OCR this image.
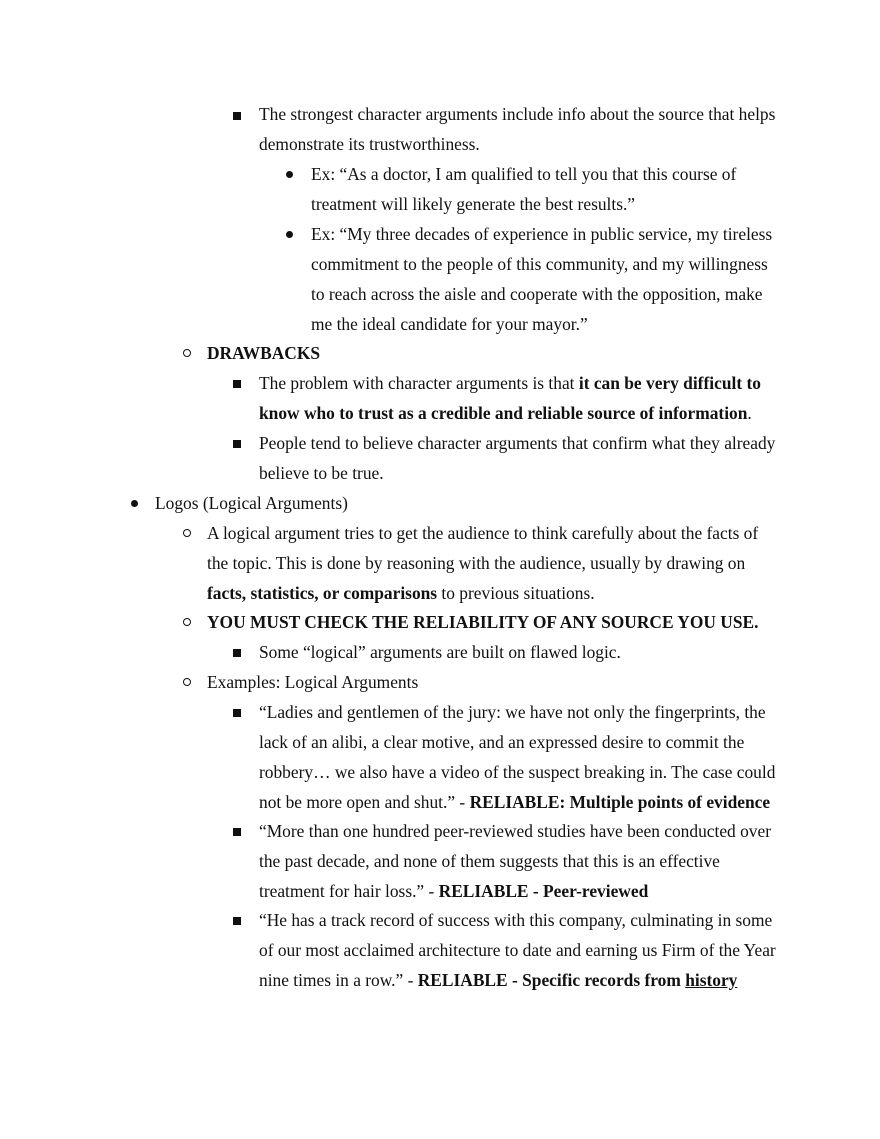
The strongest character arguments include info about the source that helps
demonstrate its trustworthiness.
Ex: “As a doctor, I am qualified to tell you that this course of
treatment will likely generate the best results.”
Ex: “My three decades of experience in public service, my tireless
commitment to the people of this community, and my willingness
to reach across the aisle and cooperate with the opposition, make
me the ideal candidate for your mayor.”
DRAWBACKS
The problem with character arguments is that it can be very difficult to
know who to trust as a credible and reliable source of information.
People tend to believe character arguments that confirm what they already
believe to be true.
Logos (Logical Arguments)
A logical argument tries to get the audience to think carefully about the facts of
the topic. This is done by reasoning with the audience, usually by drawing on
facts, statistics, or comparisons to previous situations.
YOU MUST CHECK THE RELIABILITY OF ANY SOURCE YOU USE.
Some “logical” arguments are built on flawed logic.
Examples: Logical Arguments
“Ladies and gentlemen of the jury: we have not only the fingerprints, the
lack of an alibi, a clear motive, and an expressed desire to commit the
robbery… we also have a video of the suspect breaking in. The case could
not be more open and shut.” - RELIABLE: Multiple points of evidence
“More than one hundred peer-reviewed studies have been conducted over
the past decade, and none of them suggests that this is an effective
treatment for hair loss.” - RELIABLE - Peer-reviewed
“He has a track record of success with this company, culminating in some
of our most acclaimed architecture to date and earning us Firm of the Year
nine times in a row.” - RELIABLE - Specific records from history
